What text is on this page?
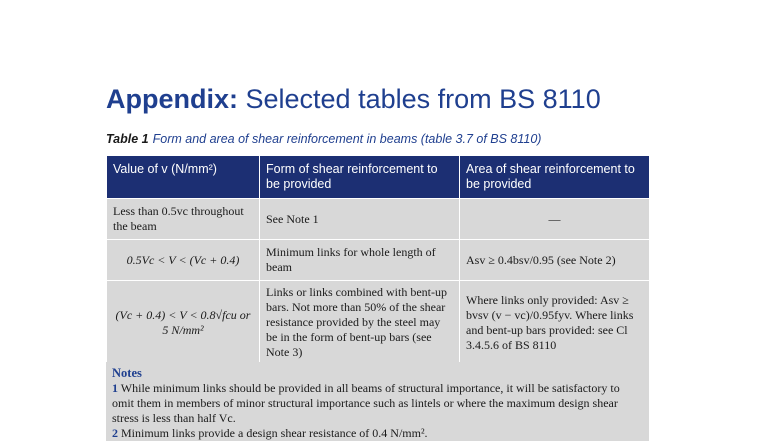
Appendix: Selected tables from BS 8110
Table 1 Form and area of shear reinforcement in beams (table 3.7 of BS 8110)
Value of v (N/mm²)	Form of shear reinforcement to be provided	Area of shear reinforcement to be provided
Less than 0.5vc throughout the beam	See Note 1	—
0.5Vc < V < (Vc + 0.4)	Minimum links for whole length of beam	Asv ≥ 0.4bsv/0.95 (see Note 2)
(Vc + 0.4) < V < 0.8√fcu or 5 N/mm²	Links or links combined with bent-up bars. Not more than 50% of the shear resistance provided by the steel may be in the form of bent-up bars (see Note 3)	Where links only provided: Asv ≥ bvsv (v − vc)/0.95fyv. Where links and bent-up bars provided: see Cl 3.4.5.6 of BS 8110
Notes
1 While minimum links should be provided in all beams of structural importance, it will be satisfactory to omit them in members of minor structural importance such as lintels or where the maximum design shear stress is less than half Vc.
2 Minimum links provide a design shear resistance of 0.4 N/mm².
